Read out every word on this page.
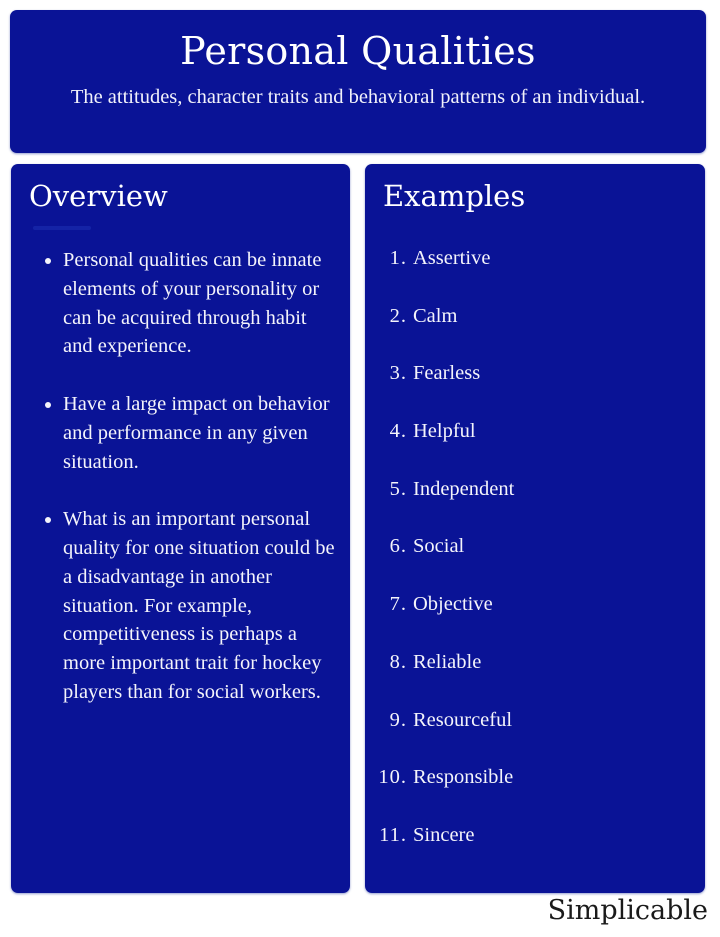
Personal Qualities

The attitudes, character traits and behavioral patterns of an individual.

Overview
Personal qualities can be innate elements of your personality or can be acquired through habit and experience.
Have a large impact on behavior and performance in any given situation.
What is an important personal quality for one situation could be a disadvantage in another situation. For example, competitiveness is perhaps a more important trait for hockey players than for social workers.
Examples
1. Assertive
2. Calm
3. Fearless
4. Helpful
5. Independent
6. Social
7. Objective
8. Reliable
9. Resourceful
10. Responsible
11. Sincere
Simplicable
